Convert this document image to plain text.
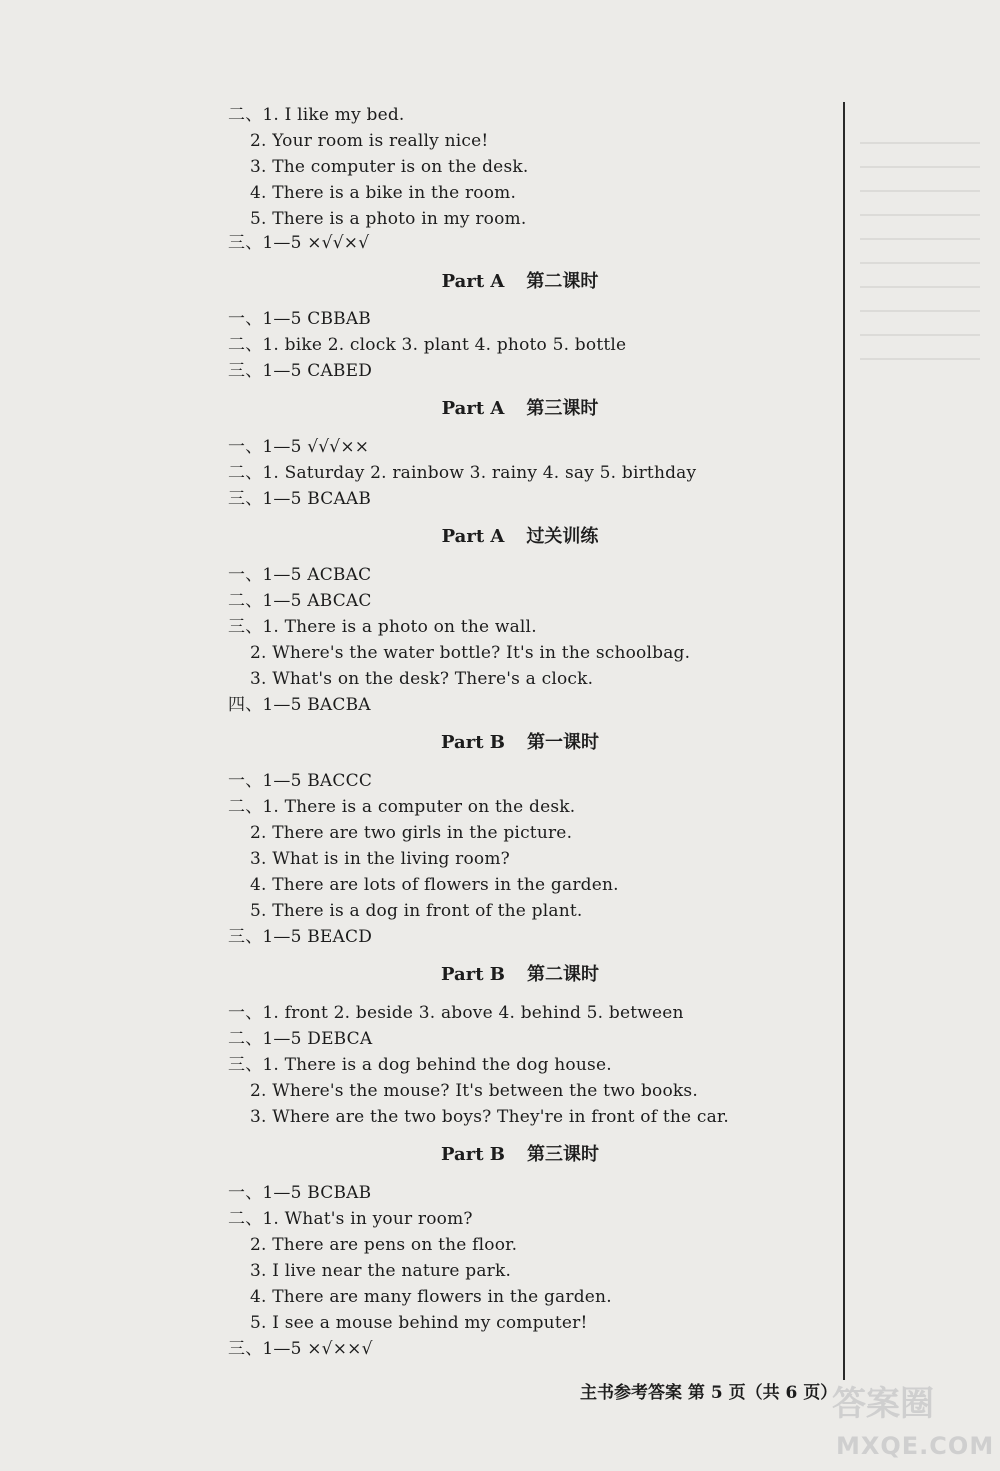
二、1. I like my bed.
2. Your room is really nice!
3. The computer is on the desk.
4. There is a bike in the room.
5. There is a photo in my room.
三、1—5 ×√√×√
Part A 第二课时
一、1—5 CBBAB
二、1. bike 2. clock 3. plant 4. photo 5. bottle
三、1—5 CABED
Part A 第三课时
一、1—5 √√√××
二、1. Saturday 2. rainbow 3. rainy 4. say 5. birthday
三、1—5 BCAAB
Part A 过关训练
一、1—5 ACBAC
二、1—5 ABCAC
三、1. There is a photo on the wall.
2. Where's the water bottle? It's in the schoolbag.
3. What's on the desk? There's a clock.
四、1—5 BACBA
Part B 第一课时
一、1—5 BACCC
二、1. There is a computer on the desk.
2. There are two girls in the picture.
3. What is in the living room?
4. There are lots of flowers in the garden.
5. There is a dog in front of the plant.
三、1—5 BEACD
Part B 第二课时
一、1. front 2. beside 3. above 4. behind 5. between
二、1—5 DEBCA
三、1. There is a dog behind the dog house.
2. Where's the mouse? It's between the two books.
3. Where are the two boys? They're in front of the car.
Part B 第三课时
一、1—5 BCBAB
二、1. What's in your room?
2. There are pens on the floor.
3. I live near the nature park.
4. There are many flowers in the garden.
5. I see a mouse behind my computer!
三、1—5 ×√××√
主书参考答案 第 5 页（共 6 页）
答案圈
MXQE.COM
